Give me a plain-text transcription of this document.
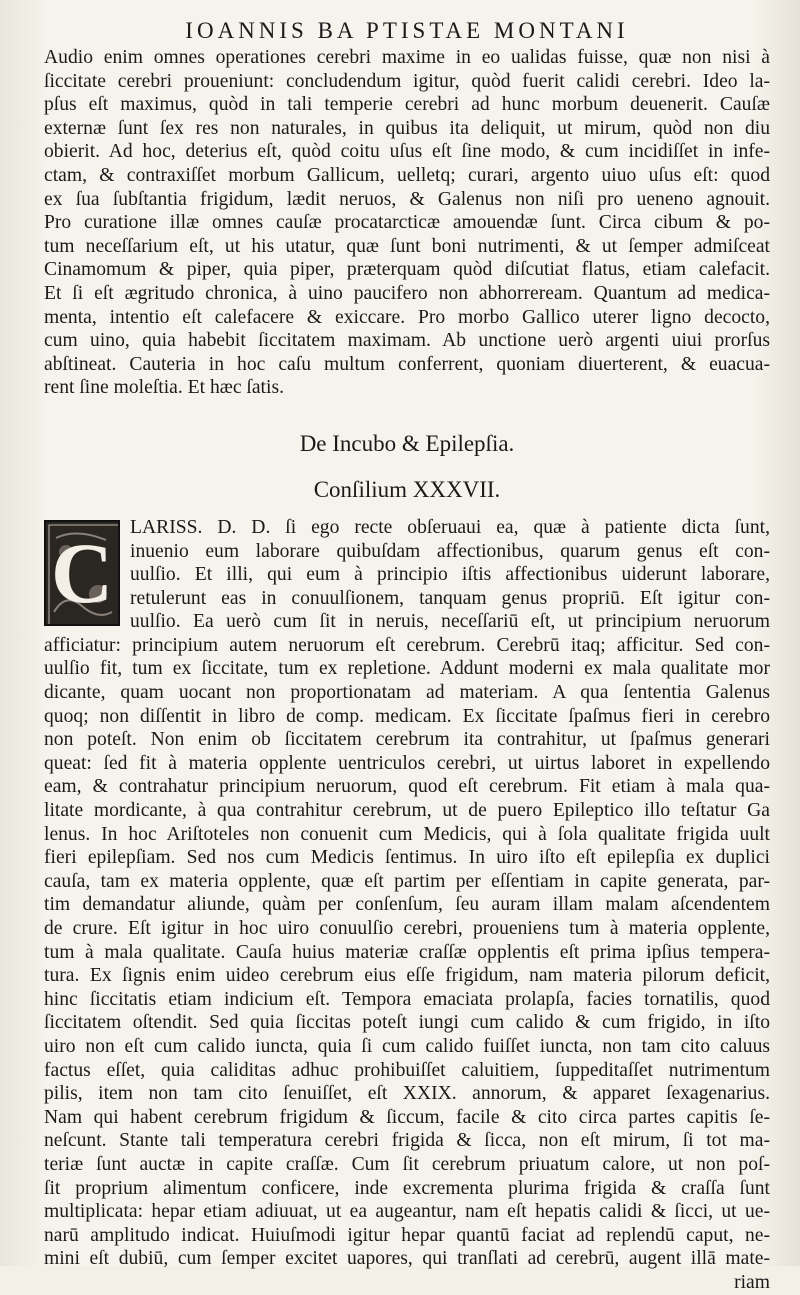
IOANNIS BA PTISTAE MONTANI
Audio enim omnes operationes cerebri maxime in eo ualidas fuisse, quæ non nisi à
ſiccitate cerebri proueniunt: concludendum igitur, quòd fuerit calidi cerebri. Ideo la-
pſus eſt maximus, quòd in tali temperie cerebri ad hunc morbum deuenerit. Cauſæ
externæ ſunt ſex res non naturales, in quibus ita deliquit, ut mirum, quòd non diu
obierit. Ad hoc, deterius eſt, quòd coitu uſus eſt ſine modo, & cum incidiſſet in infe-
ctam, & contraxiſſet morbum Gallicum, uelletq; curari, argento uiuo uſus eſt: quod
ex ſua ſubſtantia frigidum, lædit neruos, & Galenus non niſi pro ueneno agnouit.
Pro curatione illæ omnes cauſæ procatarcticæ amouendæ ſunt. Circa cibum & po-
tum neceſſarium eſt, ut his utatur, quæ ſunt boni nutrimenti, & ut ſemper admiſceat
Cinamomum & piper, quia piper, præterquam quòd diſcutiat flatus, etiam calefacit.
Et ſi eſt ægritudo chronica, à uino paucifero non abhorreream. Quantum ad medica-
menta, intentio eſt calefacere & exiccare. Pro morbo Gallico uterer ligno decocto,
cum uino, quia habebit ſiccitatem maximam. Ab unctione uerò argenti uiui prorſus
abſtineat. Cauteria in hoc caſu multum conferrent, quoniam diuerterent, & euacua-
rent ſine moleſtia. Et hæc ſatis.
De Incubo & Epilepſia.
Conſilium XXXVII.
C LARISS. D. D. ſi ego recte obſeruaui ea, quæ à patiente dicta ſunt,
inuenio eum laborare quibuſdam affectionibus, quarum genus eſt con-
uulſio. Et illi, qui eum à principio iſtis affectionibus uiderunt laborare,
retulerunt eas in conuulſionem, tanquam genus propriū. Eſt igitur con-
uulſio. Ea uerò cum ſit in neruis, neceſſariū eſt, ut principium neruorum
afficiatur: principium autem neruorum eſt cerebrum. Cerebrū itaq; afficitur. Sed con-
uulſio fit, tum ex ſiccitate, tum ex repletione. Addunt moderni ex mala qualitate mor
dicante, quam uocant non proportionatam ad materiam. A qua ſententia Galenus
quoq; non diſſentit in libro de comp. medicam. Ex ſiccitate ſpaſmus fieri in cerebro
non poteſt. Non enim ob ſiccitatem cerebrum ita contrahitur, ut ſpaſmus generari
queat: ſed fit à materia opplente uentriculos cerebri, ut uirtus laboret in expellendo
eam, & contrahatur principium neruorum, quod eſt cerebrum. Fit etiam à mala qua-
litate mordicante, à qua contrahitur cerebrum, ut de puero Epileptico illo teſtatur Ga
lenus. In hoc Ariſtoteles non conuenit cum Medicis, qui à ſola qualitate frigida uult
fieri epilepſiam. Sed nos cum Medicis ſentimus. In uiro iſto eſt epilepſia ex duplici
cauſa, tam ex materia opplente, quæ eſt partim per eſſentiam in capite generata, par-
tim demandatur aliunde, quàm per conſenſum, ſeu auram illam malam aſcendentem
de crure. Eſt igitur in hoc uiro conuulſio cerebri, proueniens tum à materia opplente,
tum à mala qualitate. Cauſa huius materiæ craſſæ opplentis eſt prima ipſius tempera-
tura. Ex ſignis enim uideo cerebrum eius eſſe frigidum, nam materia pilorum deficit,
hinc ſiccitatis etiam indicium eſt. Tempora emaciata prolapſa, facies tornatilis, quod
ſiccitatem oſtendit. Sed quia ſiccitas poteſt iungi cum calido & cum frigido, in iſto
uiro non eſt cum calido iuncta, quia ſi cum calido fuiſſet iuncta, non tam cito caluus
factus eſſet, quia caliditas adhuc prohibuiſſet caluitiem, ſuppeditaſſet nutrimentum
pilis, item non tam cito ſenuiſſet, eſt XXIX. annorum, & apparet ſexagenarius.
Nam qui habent cerebrum frigidum & ſiccum, facile & cito circa partes capitis ſe-
neſcunt. Stante tali temperatura cerebri frigida & ſicca, non eſt mirum, ſi tot ma-
teriæ ſunt auctæ in capite craſſæ. Cum ſit cerebrum priuatum calore, ut non poſ-
ſit proprium alimentum conficere, inde excrementa plurima frigida & craſſa ſunt
multiplicata: hepar etiam adiuuat, ut ea augeantur, nam eſt hepatis calidi & ſicci, ut ue-
narū amplitudo indicat. Huiuſmodi igitur hepar quantū faciat ad replendū caput, ne-
mini eſt dubiū, cum ſemper excitet uapores, qui tranſlati ad cerebrū, augent illā mate-
riam
